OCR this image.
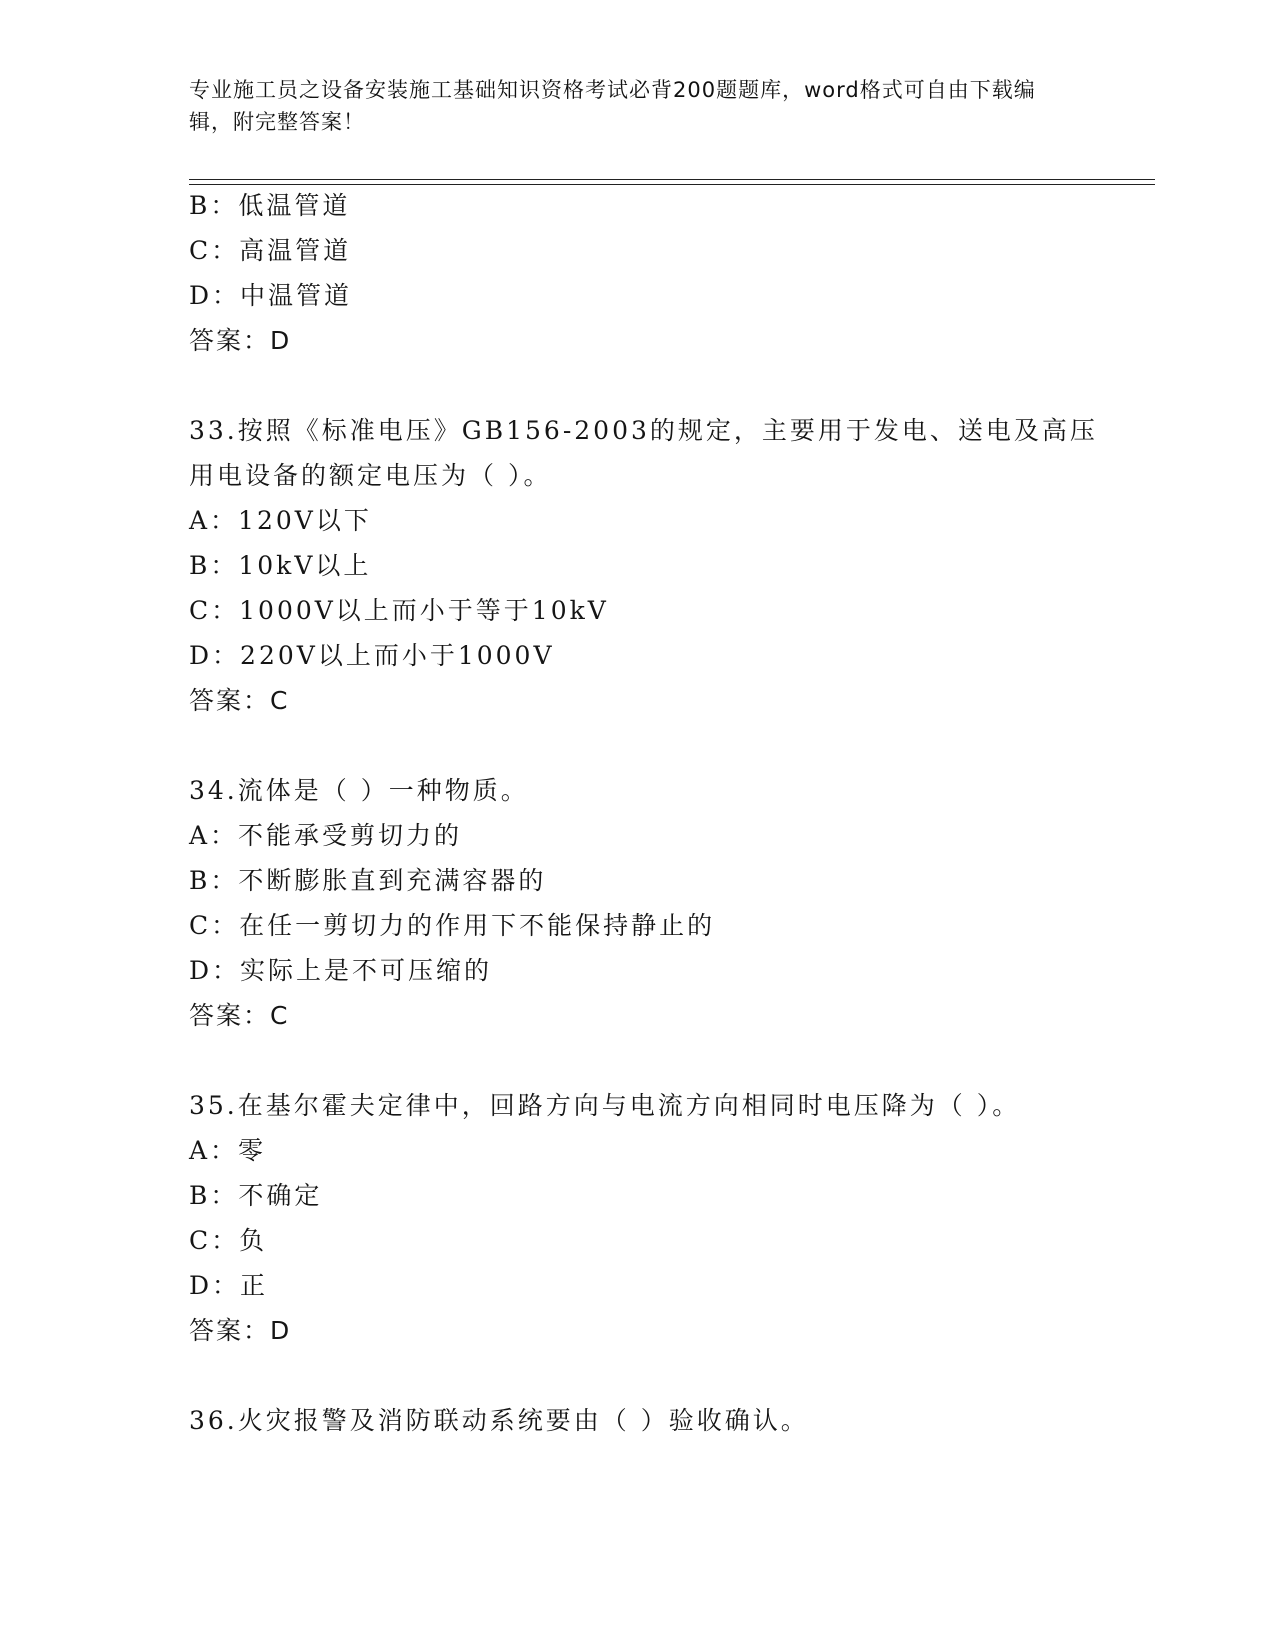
专业施工员之设备安装施工基础知识资格考试必背200题题库，word格式可自由下载编辑，附完整答案！

B：低温管道

C：高温管道

D：中温管道

答案：D

33.按照《标准电压》GB156-2003的规定，主要用于发电、送电及高压

用电设备的额定电压为（ ）。

A：120V以下

B：10kV以上

C：1000V以上而小于等于10kV

D：220V以上而小于1000V

答案：C

34.流体是（ ）一种物质。

A：不能承受剪切力的

B：不断膨胀直到充满容器的

C：在任一剪切力的作用下不能保持静止的

D：实际上是不可压缩的

答案：C

35.在基尔霍夫定律中，回路方向与电流方向相同时电压降为（ ）。

A：零

B：不确定

C：负

D：正

答案：D

36.火灾报警及消防联动系统要由（ ）验收确认。
